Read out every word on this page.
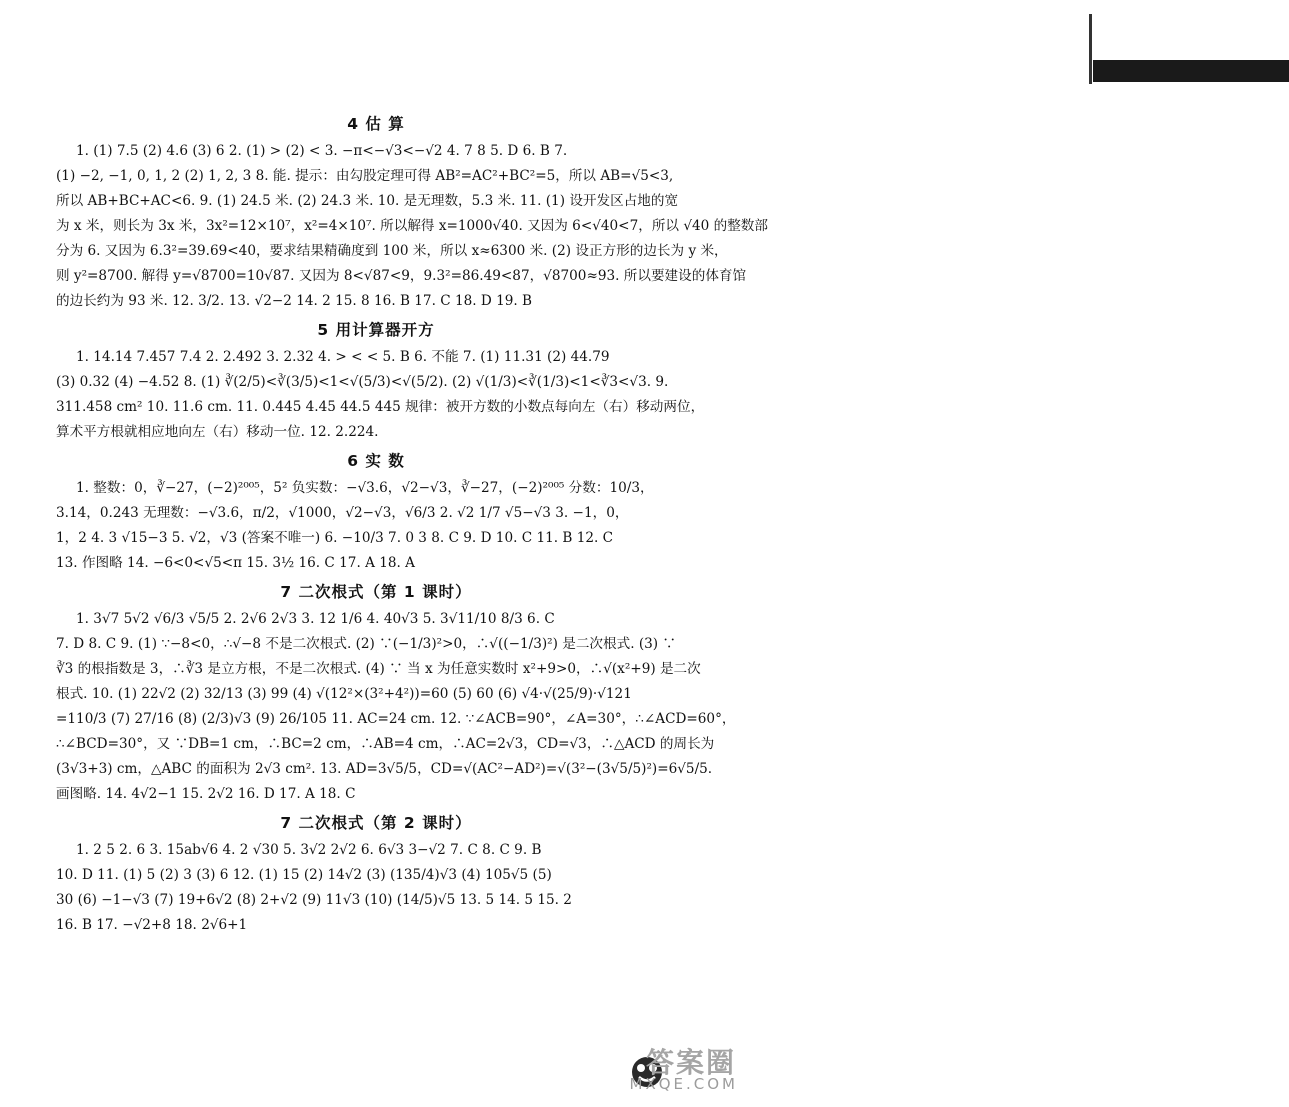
4 估 算
1. (1) 7.5 (2) 4.6 (3) 6 2. (1) > (2) < 3. −π<−√3<−√2 4. 7 8 5. D 6. B 7.
(1) −2, −1, 0, 1, 2 (2) 1, 2, 3 8. 能. 提示：由勾股定理可得 AB²=AC²+BC²=5，所以 AB=√5<3,
所以 AB+BC+AC<6. 9. (1) 24.5 米. (2) 24.3 米. 10. 是无理数，5.3 米. 11. (1) 设开发区占地的宽
为 x 米，则长为 3x 米，3x²=12×10⁷，x²=4×10⁷. 所以解得 x=1000√40. 又因为 6<√40<7，所以 √40 的整数部
分为 6. 又因为 6.3²=39.69<40，要求结果精确度到 100 米，所以 x≈6300 米. (2) 设正方形的边长为 y 米，
则 y²=8700. 解得 y=√8700=10√87. 又因为 8<√87<9，9.3²=86.49<87，√8700≈93. 所以要建设的体育馆
的边长约为 93 米. 12. 3/2. 13. √2−2 14. 2 15. 8 16. B 17. C 18. D 19. B
5 用计算器开方
1. 14.14 7.457 7.4 2. 2.492 3. 2.32 4. > < < 5. B 6. 不能 7. (1) 11.31 (2) 44.79
(3) 0.32 (4) −4.52 8. (1) ∛(2/5)<∛(3/5)<1<√(5/3)<√(5/2). (2) √(1/3)<∛(1/3)<1<∛3<√3. 9.
311.458 cm² 10. 11.6 cm. 11. 0.445 4.45 44.5 445 规律：被开方数的小数点每向左（右）移动两位，
算术平方根就相应地向左（右）移动一位. 12. 2.224.
6 实 数
1. 整数：0，∛−27，(−2)²⁰⁰⁵，5² 负实数：−√3.6，√2−√3，∛−27，(−2)²⁰⁰⁵ 分数：10/3，
3.14，0.243 无理数：−√3.6，π/2，√1000，√2−√3，√6/3 2. √2 1/7 √5−√3 3. −1，0，
1，2 4. 3 √15−3 5. √2，√3 (答案不唯一) 6. −10/3 7. 0 3 8. C 9. D 10. C 11. B 12. C
13. 作图略 14. −6<0<√5<π 15. 3½ 16. C 17. A 18. A
7 二次根式（第 1 课时）
1. 3√7 5√2 √6/3 √5/5 2. 2√6 2√3 3. 12 1/6 4. 40√3 5. 3√11/10 8/3 6. C
7. D 8. C 9. (1) ∵−8<0，∴√−8 不是二次根式. (2) ∵(−1/3)²>0，∴√((−1/3)²) 是二次根式. (3) ∵
∛3 的根指数是 3，∴∛3 是立方根，不是二次根式. (4) ∵ 当 x 为任意实数时 x²+9>0，∴√(x²+9) 是二次
根式. 10. (1) 22√2 (2) 32/13 (3) 99 (4) √(12²×(3²+4²))=60 (5) 60 (6) √4·√(25/9)·√121
=110/3 (7) 27/16 (8) (2/3)√3 (9) 26/105 11. AC=24 cm. 12. ∵∠ACB=90°，∠A=30°，∴∠ACD=60°，
∴∠BCD=30°，又 ∵DB=1 cm，∴BC=2 cm，∴AB=4 cm，∴AC=2√3，CD=√3，∴△ACD 的周长为
(3√3+3) cm，△ABC 的面积为 2√3 cm². 13. AD=3√5/5，CD=√(AC²−AD²)=√(3²−(3√5/5)²)=6√5/5.
画图略. 14. 4√2−1 15. 2√2 16. D 17. A 18. C
7 二次根式（第 2 课时）
1. 2 5 2. 6 3. 15ab√6 4. 2 √30 5. 3√2 2√2 6. 6√3 3−√2 7. C 8. C 9. B
10. D 11. (1) 5 (2) 3 (3) 6 12. (1) 15 (2) 14√2 (3) (135/4)√3 (4) 105√5 (5)
30 (6) −1−√3 (7) 19+6√2 (8) 2+√2 (9) 11√3 (10) (14/5)√5 13. 5 14. 5 15. 2
16. B 17. −√2+8 18. 2√6+1
答案圈
MXQE.COM
